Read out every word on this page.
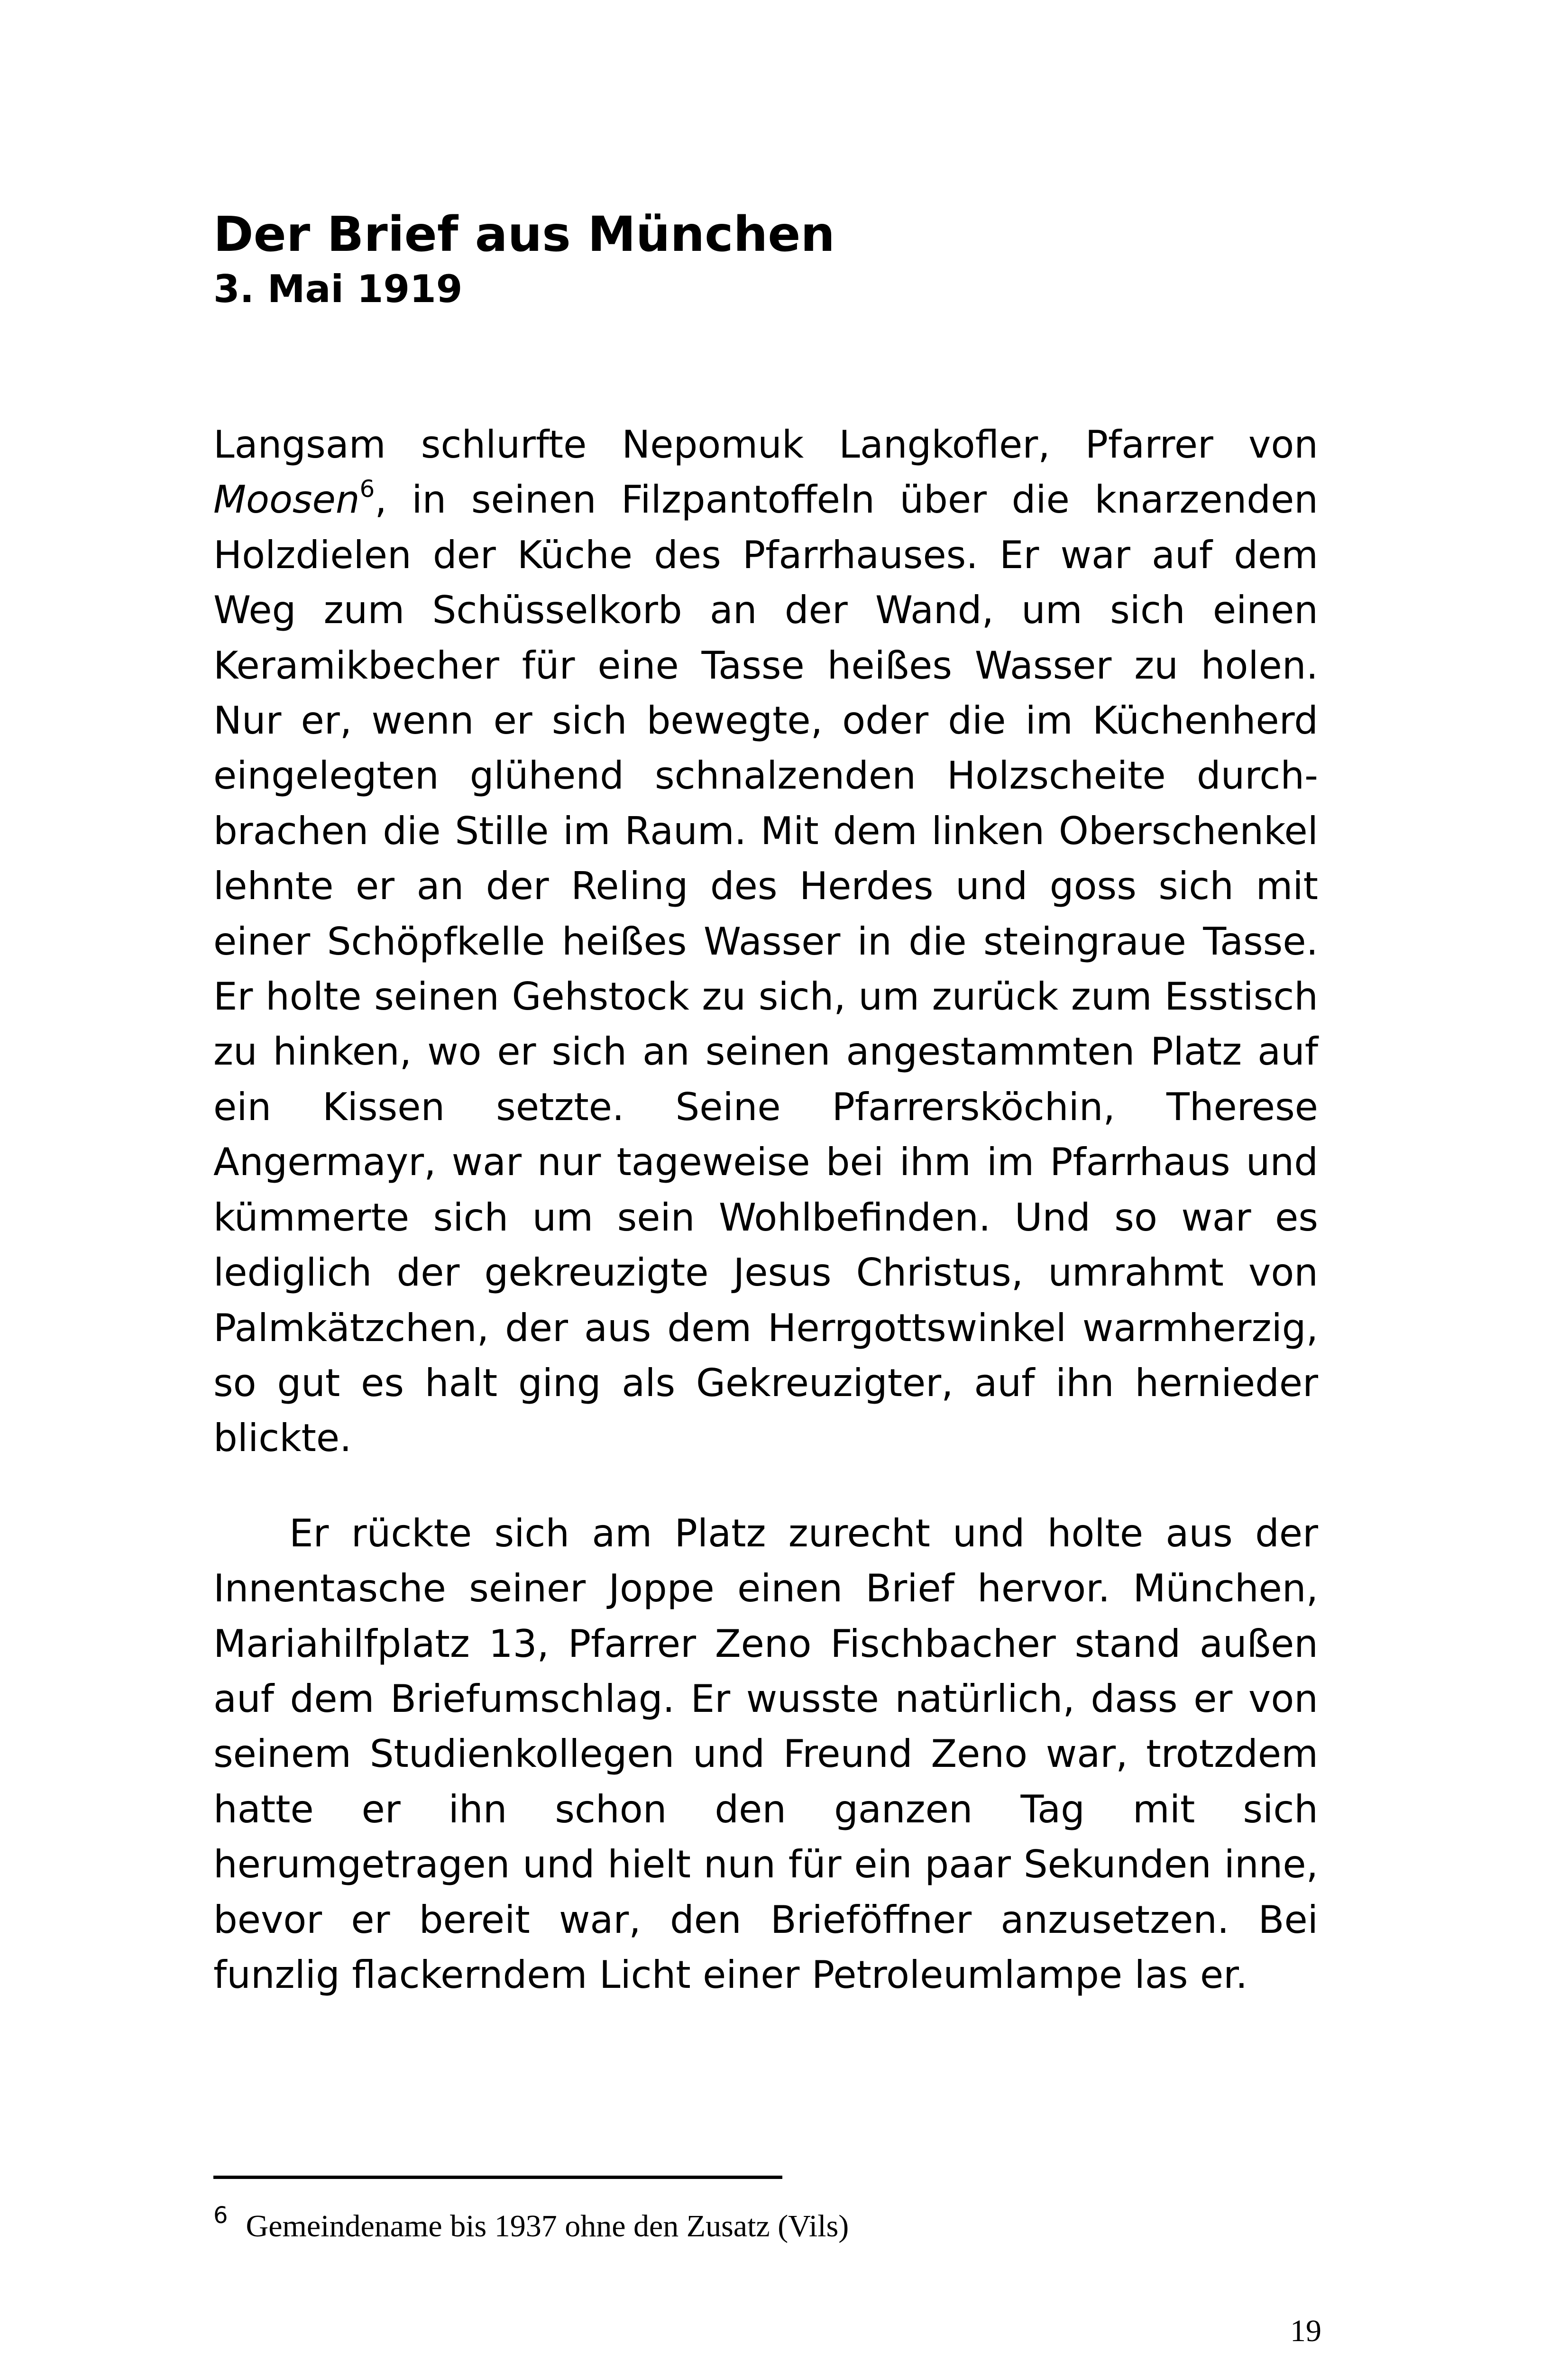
Der Brief aus München
3. Mai 1919

Langsam schlurfte Nepomuk Langkofler, Pfarrer von Moosen$^6$, in seinen Filzpantoffeln über die knarzenden Holzdielen der Küche des Pfarrhauses. Er war auf dem Weg zum Schüsselkorb an der Wand, um sich einen Keramikbecher für eine Tasse heißes Wasser zu holen. Nur er, wenn er sich bewegte, oder die im Küchenherd eingelegten glühend schnalzenden Holzscheite durchbrachen die Stille im Raum. Mit dem linken Oberschenkel lehnte er an der Reling des Herdes und goss sich mit einer Schöpfkelle heißes Wasser in die steingraue Tasse. Er holte seinen Gehstock zu sich, um zurück zum Esstisch zu hinken, wo er sich an seinen angestammten Platz auf ein Kissen setzte. Seine Pfarrersköchin, Therese Angermayr, war nur tageweise bei ihm im Pfarrhaus und kümmerte sich um sein Wohlbefinden. Und so war es lediglich der gekreuzigte Jesus Christus, umrahmt von Palmkätzchen, der aus dem Herrgottswinkel warmherzig, so gut es halt ging als Gekreuzigter, auf ihn hernieder blickte.

Er rückte sich am Platz zurecht und holte aus der Innentasche seiner Joppe einen Brief hervor. München, Mariahilfplatz 13, Pfarrer Zeno Fischbacher stand außen auf dem Briefumschlag. Er wusste natürlich, dass er von seinem Studienkollegen und Freund Zeno war, trotzdem hatte er ihn schon den ganzen Tag mit sich herumgetragen und hielt nun für ein paar Sekunden inne, bevor er bereit war, den Brieföffner anzusetzen. Bei funzlig flackerndem Licht einer Petroleumlampe las er.

$^6$ Gemeindename bis 1937 ohne den Zusatz (Vils)
19
